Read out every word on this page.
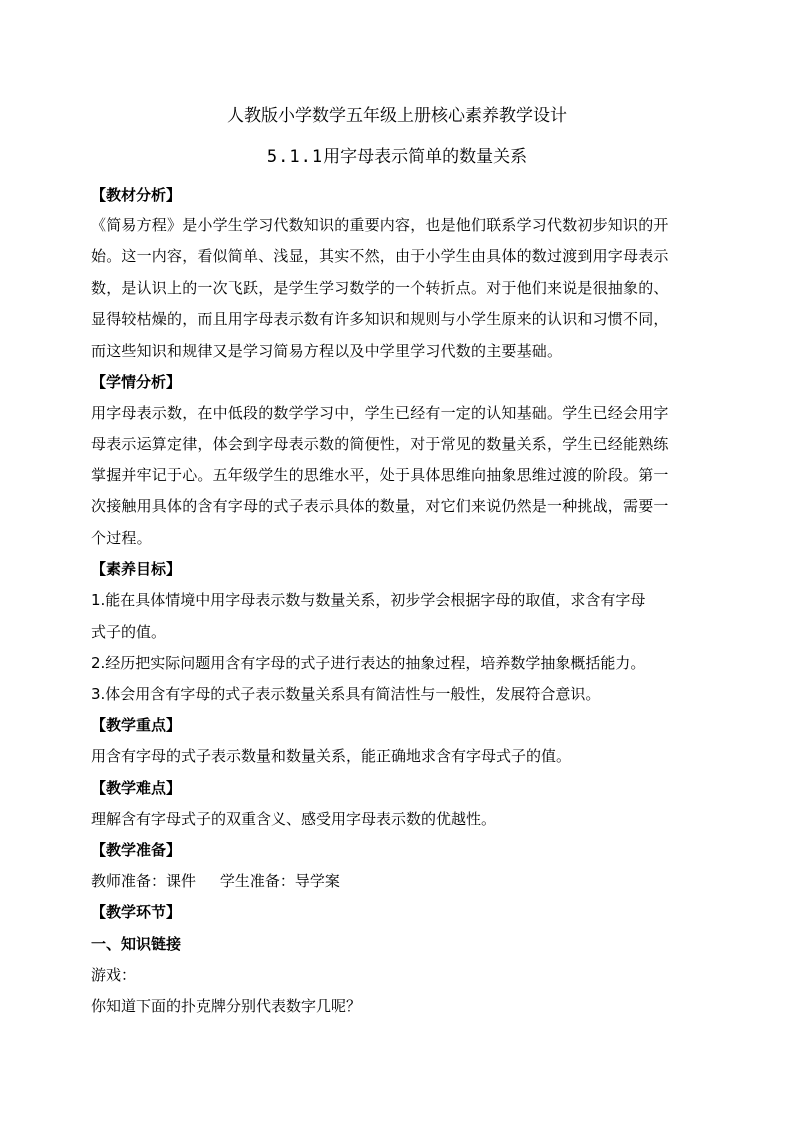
人教版小学数学五年级上册核心素养教学设计
5.1.1用字母表示简单的数量关系
【教材分析】
《简易方程》是小学生学习代数知识的重要内容，也是他们联系学习代数初步知识的开
始。这一内容，看似简单、浅显，其实不然，由于小学生由具体的数过渡到用字母表示
数，是认识上的一次飞跃，是学生学习数学的一个转折点。对于他们来说是很抽象的、
显得较枯燥的，而且用字母表示数有许多知识和规则与小学生原来的认识和习惯不同，
而这些知识和规律又是学习简易方程以及中学里学习代数的主要基础。
【学情分析】
用字母表示数，在中低段的数学学习中，学生已经有一定的认知基础。学生已经会用字
母表示运算定律，体会到字母表示数的简便性，对于常见的数量关系，学生已经能熟练
掌握并牢记于心。五年级学生的思维水平，处于具体思维向抽象思维过渡的阶段。第一
次接触用具体的含有字母的式子表示具体的数量，对它们来说仍然是一种挑战，需要一
个过程。
【素养目标】
1.能在具体情境中用字母表示数与数量关系，初步学会根据字母的取值，求含有字母
式子的值。
2.经历把实际问题用含有字母的式子进行表达的抽象过程，培养数学抽象概括能力。
3.体会用含有字母的式子表示数量关系具有简洁性与一般性，发展符合意识。
【教学重点】
用含有字母的式子表示数量和数量关系，能正确地求含有字母式子的值。
【教学难点】
理解含有字母式子的双重含义、感受用字母表示数的优越性。
【教学准备】
教师准备：课件     学生准备：导学案
【教学环节】
一、知识链接
游戏：
你知道下面的扑克牌分别代表数字几呢？
